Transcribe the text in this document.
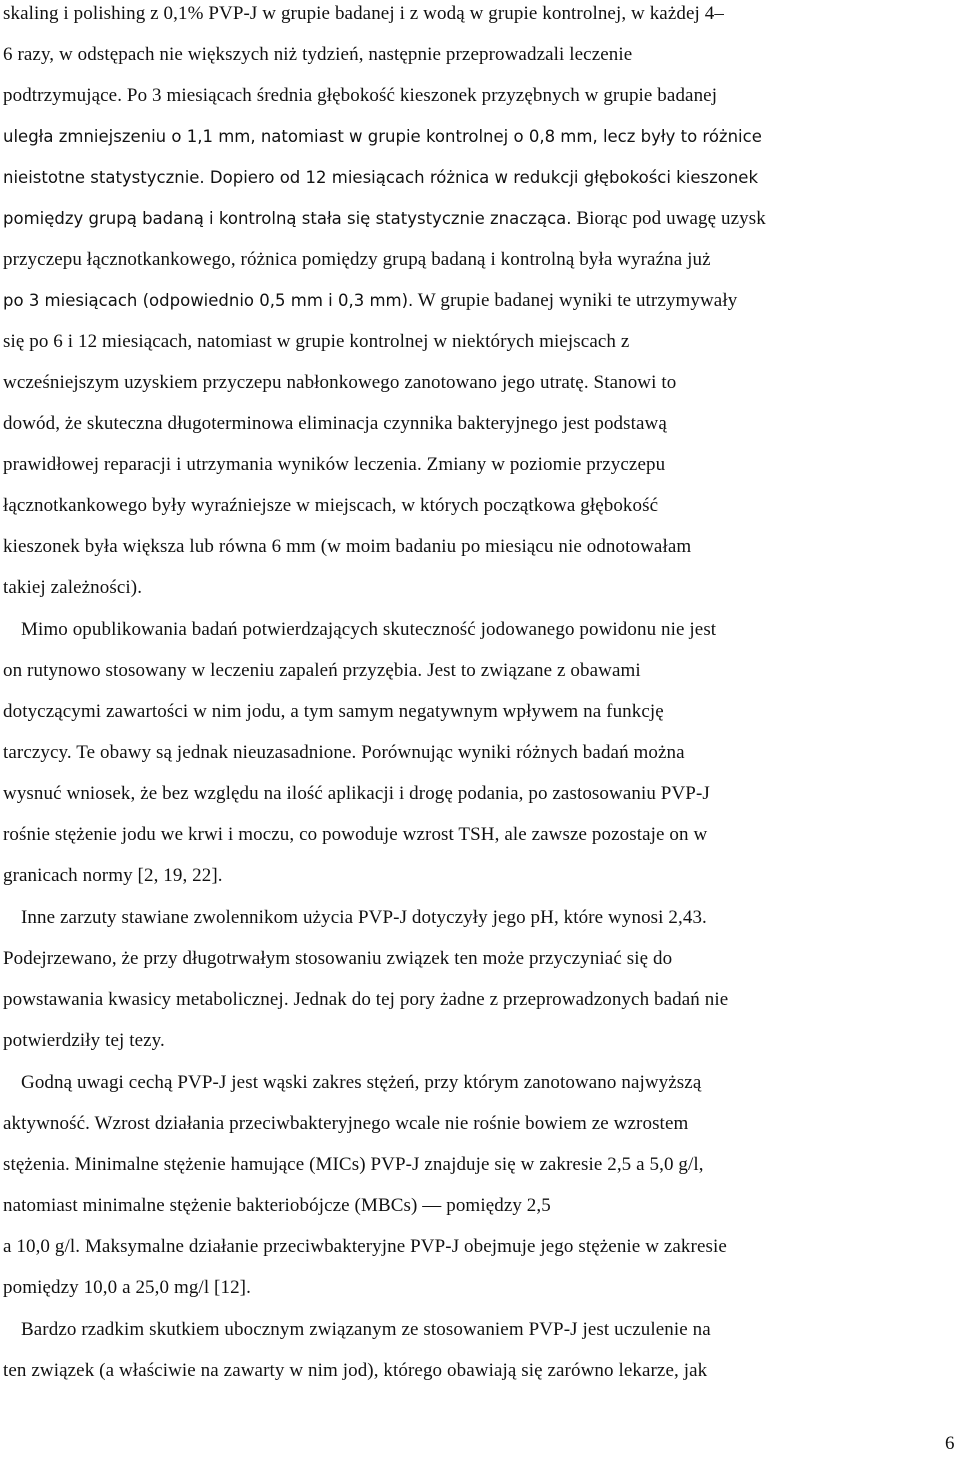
skaling i polishing z 0,1% PVP-J w grupie badanej i z wodą w grupie kontrolnej, w każdej 4–
6 razy, w odstępach nie większych niż tydzień, następnie przeprowadzali leczenie
podtrzymujące. Po 3 miesiącach średnia głębokość kieszonek przyzębnych w grupie badanej
uległa zmniejszeniu o 1,1 mm, natomiast w grupie kontrolnej o 0,8 mm, lecz były to różnice
nieistotne statystycznie. Dopiero od 12 miesiącach różnica w redukcji głębokości kieszonek
pomiędzy grupą badaną i kontrolną stała się statystycznie znacząca. Biorąc pod uwagę uzysk
przyczepu łącznotkankowego, różnica pomiędzy grupą badaną i kontrolną była wyraźna już
po 3 miesiącach (odpowiednio 0,5 mm i 0,3 mm). W grupie badanej wyniki te utrzymywały
się po 6 i 12 miesiącach, natomiast w grupie kontrolnej w niektórych miejscach z
wcześniejszym uzyskiem przyczepu nabłonkowego zanotowano jego utratę. Stanowi to
dowód, że skuteczna długoterminowa eliminacja czynnika bakteryjnego jest podstawą
prawidłowej reparacji i utrzymania wyników leczenia. Zmiany w poziomie przyczepu
łącznotkankowego były wyraźniejsze w miejscach, w których początkowa głębokość
kieszonek była większa lub równa 6 mm (w moim badaniu po miesiącu nie odnotowałam
takiej zależności).
Mimo opublikowania badań potwierdzających skuteczność jodowanego powidonu nie jest
on rutynowo stosowany w leczeniu zapaleń przyzębia. Jest to związane z obawami
dotyczącymi zawartości w nim jodu, a tym samym negatywnym wpływem na funkcję
tarczycy. Te obawy są jednak nieuzasadnione. Porównując wyniki różnych badań można
wysnuć wniosek, że bez względu na ilość aplikacji i drogę podania, po zastosowaniu PVP-J
rośnie stężenie jodu we krwi i moczu, co powoduje wzrost TSH, ale zawsze pozostaje on w
granicach normy [2, 19, 22].
Inne zarzuty stawiane zwolennikom użycia PVP-J dotyczyły jego pH, które wynosi 2,43.
Podejrzewano, że przy długotrwałym stosowaniu związek ten może przyczyniać się do
powstawania kwasicy metabolicznej. Jednak do tej pory żadne z przeprowadzonych badań nie
potwierdziły tej tezy.
Godną uwagi cechą PVP-J jest wąski zakres stężeń, przy którym zanotowano najwyższą
aktywność. Wzrost działania przeciwbakteryjnego wcale nie rośnie bowiem ze wzrostem
stężenia. Minimalne stężenie hamujące (MICs) PVP-J znajduje się w zakresie 2,5 a 5,0 g/l,
natomiast minimalne stężenie bakteriobójcze (MBCs) — pomiędzy 2,5
a 10,0 g/l. Maksymalne działanie przeciwbakteryjne PVP-J obejmuje jego stężenie w zakresie
pomiędzy 10,0 a 25,0 mg/l [12].
Bardzo rzadkim skutkiem ubocznym związanym ze stosowaniem PVP-J jest uczulenie na
ten związek (a właściwie na zawarty w nim jod), którego obawiają się zarówno lekarze, jak
6
